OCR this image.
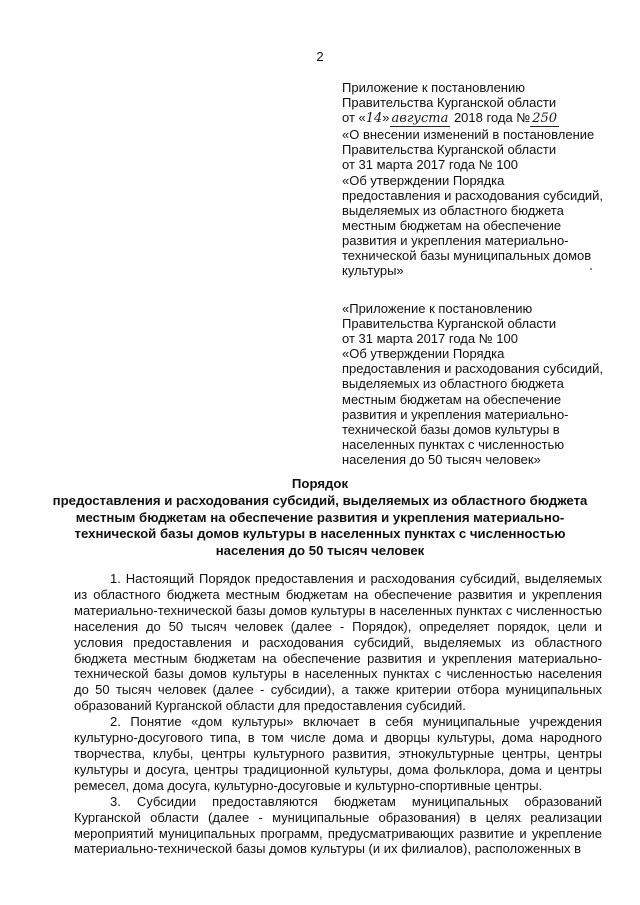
2
Приложение к постановлению
Правительства Курганской области
от «14» августа 2018 года № 250
«О внесении изменений в постановление
Правительства Курганской области
от 31 марта 2017 года № 100
«Об утверждении Порядка
предоставления и расходования субсидий,
выделяемых из областного бюджета
местным бюджетам на обеспечение
развития и укрепления материально-
технической базы муниципальных домов
культуры»
«Приложение к постановлению
Правительства Курганской области
от 31 марта 2017 года № 100
«Об утверждении Порядка
предоставления и расходования субсидий,
выделяемых из областного бюджета
местным бюджетам на обеспечение
развития и укрепления материально-
технической базы домов культуры в
населенных пунктах с численностью
населения до 50 тысяч человек»
Порядок
предоставления и расходования субсидий, выделяемых из областного бюджета
местным бюджетам на обеспечение развития и укрепления материально-
технической базы домов культуры в населенных пунктах с численностью
населения до 50 тысяч человек

1. Настоящий Порядок предоставления и расходования субсидий, выделяемых из областного бюджета местным бюджетам на обеспечение развития и укрепления материально-технической базы домов культуры в населенных пунктах с численностью населения до 50 тысяч человек (далее - Порядок), определяет порядок, цели и условия предоставления и расходования субсидий, выделяемых из областного бюджета местным бюджетам на обеспечение развития и укрепления материально-технической базы домов культуры в населенных пунктах с численностью населения до 50 тысяч человек (далее - субсидии), а также критерии отбора муниципальных образований Курганской области для предоставления субсидий.

2. Понятие «дом культуры» включает в себя муниципальные учреждения культурно-досугового типа, в том числе дома и дворцы культуры, дома народного творчества, клубы, центры культурного развития, этнокультурные центры, центры культуры и досуга, центры традиционной культуры, дома фольклора, дома и центры ремесел, дома досуга, культурно-досуговые и культурно-спортивные центры.

3. Субсидии предоставляются бюджетам муниципальных образований Курганской области (далее - муниципальные образования) в целях реализации мероприятий муниципальных программ, предусматривающих развитие и укрепление материально-технической базы домов культуры (и их филиалов), расположенных в
